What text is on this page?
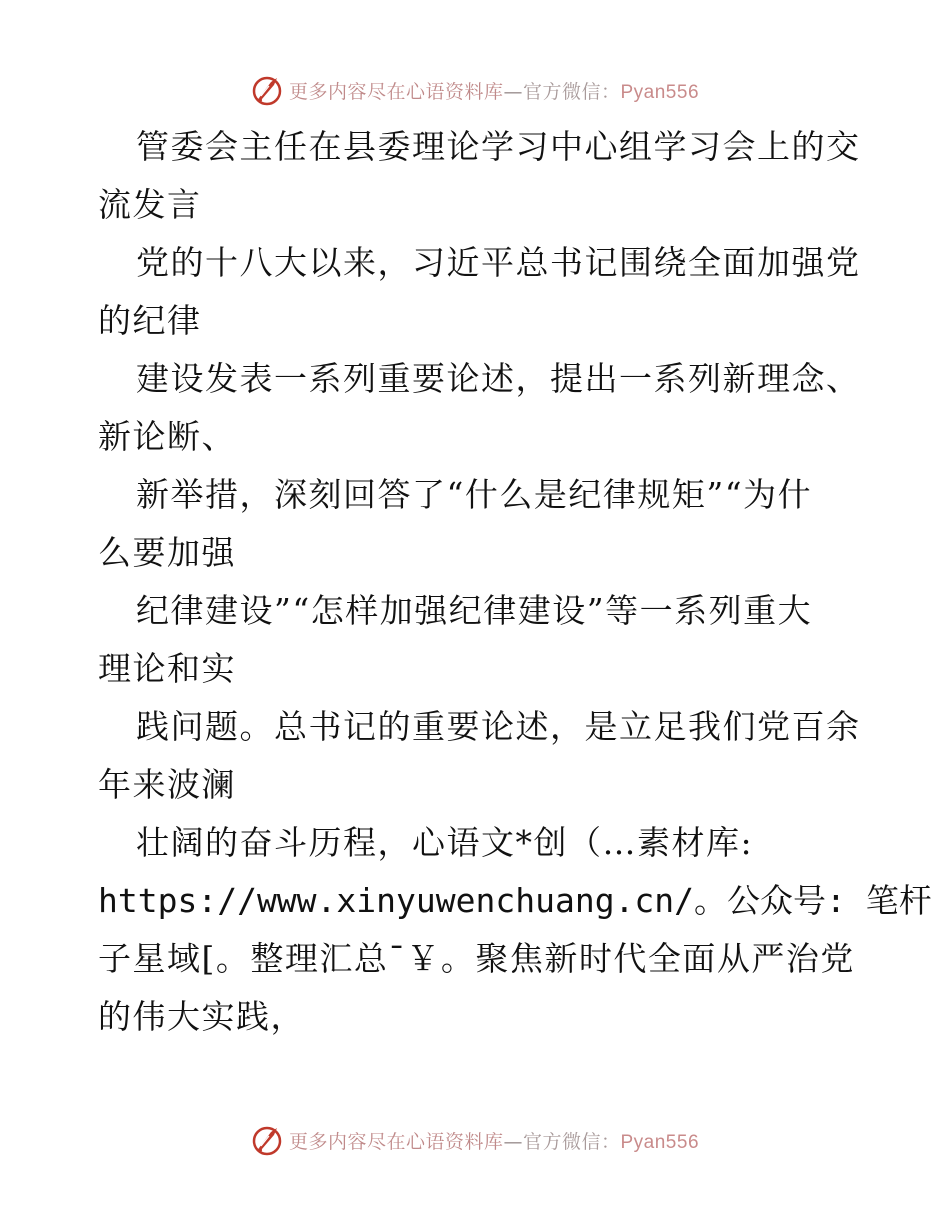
更多内容尽在心语资料库—官方微信：Pyan556
管委会主任在县委理论学习中心组学习会上的交
流发言
党的十八大以来，习近平总书记围绕全面加强党
的纪律
建设发表一系列重要论述，提出一系列新理念、
新论断、
新举措，深刻回答了“什么是纪律规矩”“为什
么要加强
纪律建设”“怎样加强纪律建设”等一系列重大
理论和实
践问题。总书记的重要论述，是立足我们党百余
年来波澜
壮阔的奋斗历程，心语文*创（…素材库:
https://www.xinyuwenchuang.cn/。公众号: 笔杆
子星域[。整理汇总¯￥。聚焦新时代全面从严治党
的伟大实践，
更多内容尽在心语资料库—官方微信：Pyan556
